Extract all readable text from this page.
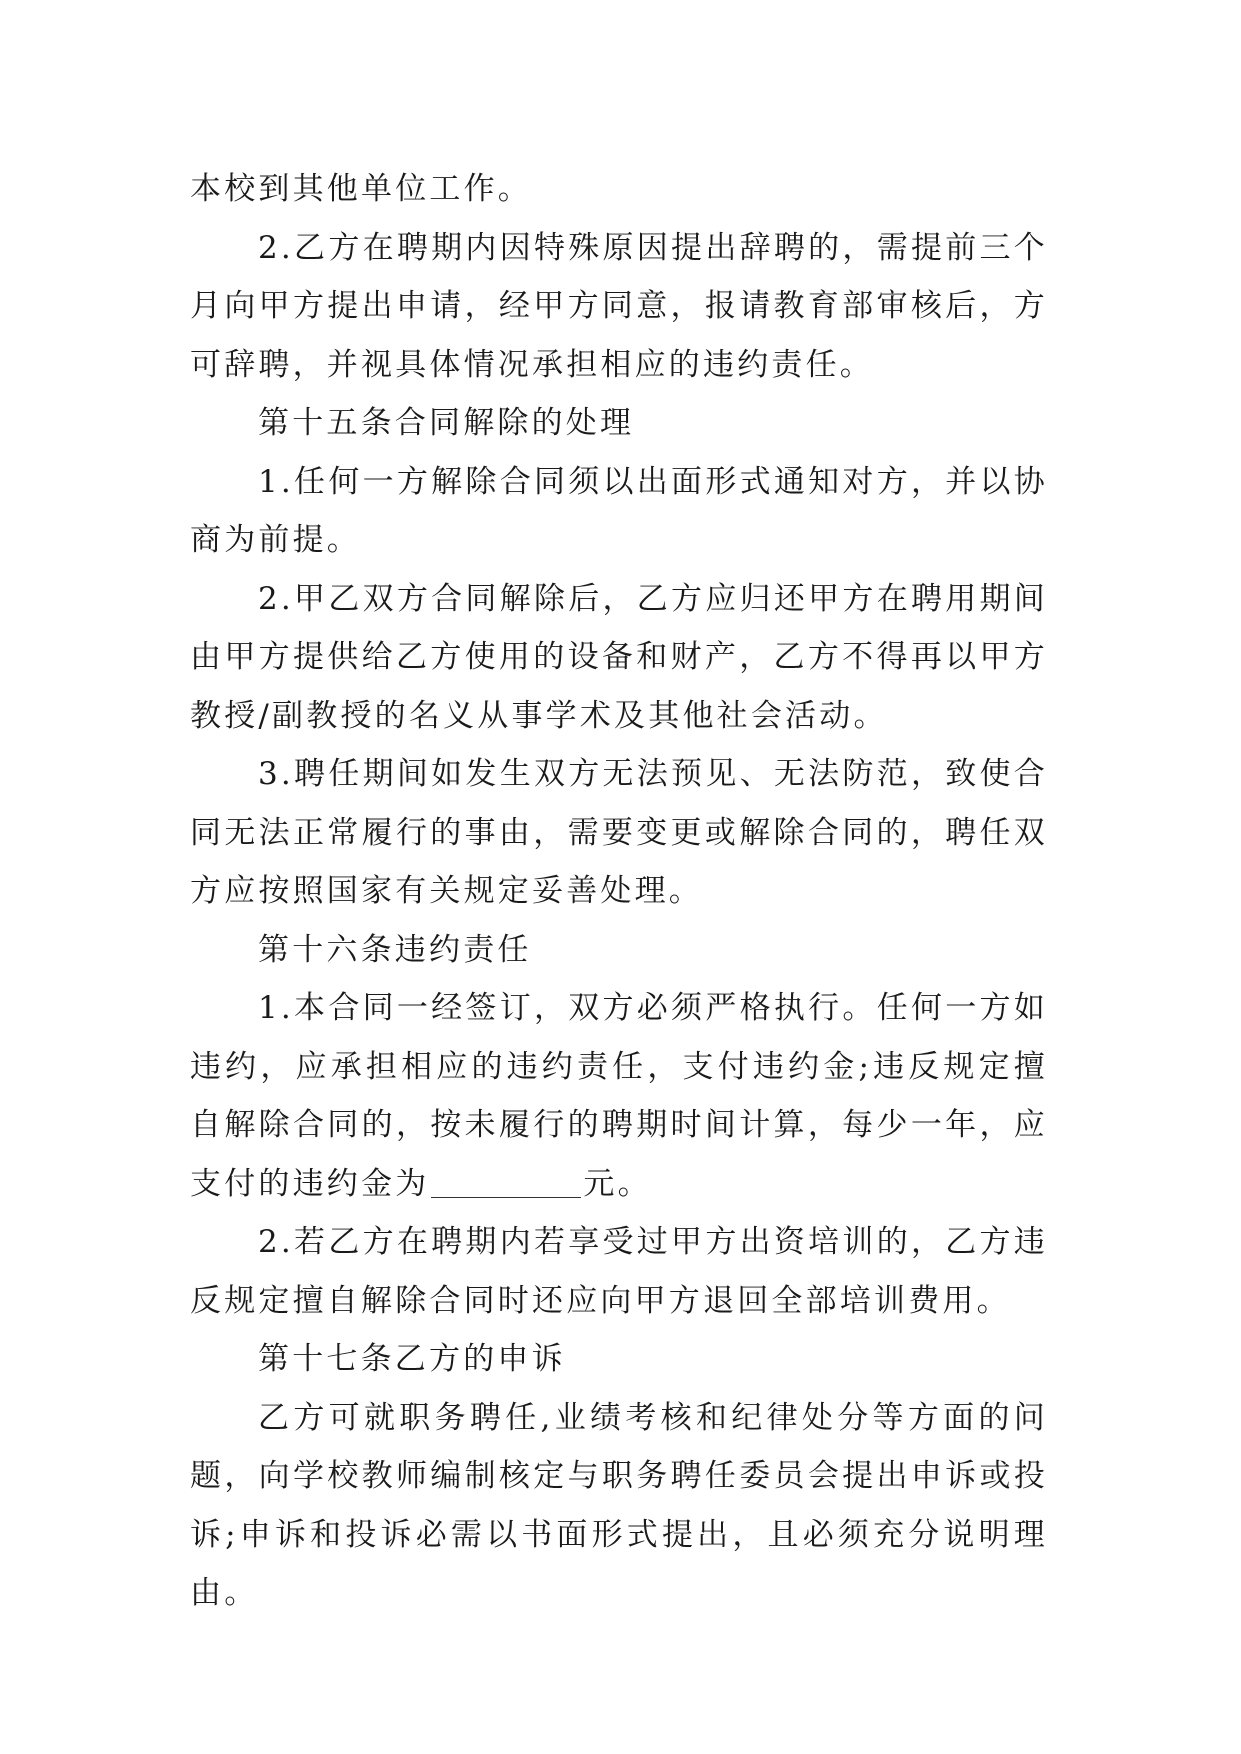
本校到其他单位工作。

2.乙方在聘期内因特殊原因提出辞聘的，需提前三个月向甲方提出申请，经甲方同意，报请教育部审核后，方可辞聘，并视具体情况承担相应的违约责任。

第十五条合同解除的处理

1.任何一方解除合同须以出面形式通知对方，并以协商为前提。

2.甲乙双方合同解除后，乙方应归还甲方在聘用期间由甲方提供给乙方使用的设备和财产，乙方不得再以甲方教授/副教授的名义从事学术及其他社会活动。

3.聘任期间如发生双方无法预见、无法防范，致使合同无法正常履行的事由，需要变更或解除合同的，聘任双方应按照国家有关规定妥善处理。

第十六条违约责任

1.本合同一经签订，双方必须严格执行。任何一方如违约，应承担相应的违约责任，支付违约金;违反规定擅自解除合同的，按未履行的聘期时间计算，每少一年，应支付的违约金为	元。

2.若乙方在聘期内若享受过甲方出资培训的，乙方违反规定擅自解除合同时还应向甲方退回全部培训费用。

第十七条乙方的申诉

乙方可就职务聘任,业绩考核和纪律处分等方面的问题，向学校教师编制核定与职务聘任委员会提出申诉或投诉;申诉和投诉必需以书面形式提出，且必须充分说明理由。
